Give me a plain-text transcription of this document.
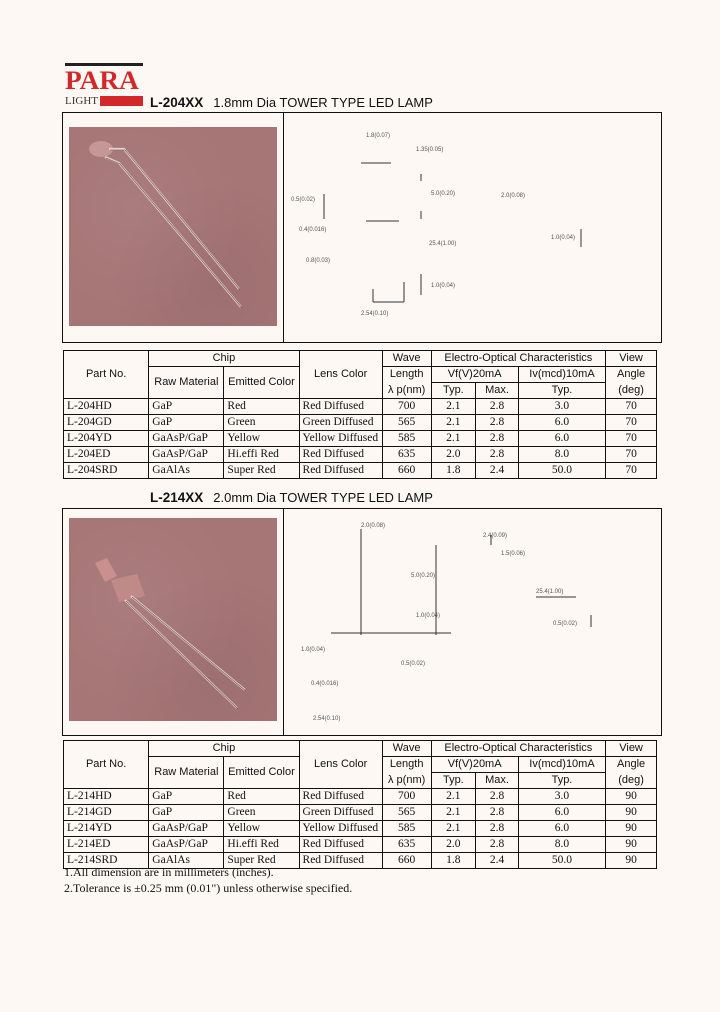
PARA
LIGHT	L-204XX 1.8mm Dia TOWER TYPE LED LAMP
1.8(0.07)
1.35(0.05)
5.0(0.20)
0.5(0.02)
0.4(0.016)
0.8(0.03)
25.4(1.00)
1.0(0.04)
2.54(0.10)
2.0(0.08)
1.0(0.04)
Part No.	Chip		Lens Color	Wave	Electro-Optical Characteristics			View
	Raw Material	Emitted Color		Length	Vf(V)20mA		Iv(mcd)10mA	Angle
				λ p(nm)	Typ.	Max.	Typ.	(deg)
L-204HD	GaP	Red	Red Diffused	700	2.1	2.8	3.0	70
L-204GD	GaP	Green	Green Diffused	565	2.1	2.8	6.0	70
L-204YD	GaAsP/GaP	Yellow	Yellow Diffused	585	2.1	2.8	6.0	70
L-204ED	GaAsP/GaP	Hi.effi Red	Red Diffused	635	2.0	2.8	8.0	70
L-204SRD	GaAlAs	Super Red	Red Diffused	660	1.8	2.4	50.0	70
L-214XX 2.0mm Dia TOWER TYPE LED LAMP
2.0(0.08)
2.4(0.09)
1.5(0.06)
5.0(0.20)
1.0(0.04)
25.4(1.00)
0.5(0.02)
1.0(0.04)
0.4(0.016)
2.54(0.10)
0.5(0.02)
Part No.	Chip		Lens Color	Wave	Electro-Optical Characteristics			View
	Raw Material	Emitted Color		Length	Vf(V)20mA		Iv(mcd)10mA	Angle
				λ p(nm)	Typ.	Max.	Typ.	(deg)
L-214HD	GaP	Red	Red Diffused	700	2.1	2.8	3.0	90
L-214GD	GaP	Green	Green Diffused	565	2.1	2.8	6.0	90
L-214YD	GaAsP/GaP	Yellow	Yellow Diffused	585	2.1	2.8	6.0	90
L-214ED	GaAsP/GaP	Hi.effi Red	Red Diffused	635	2.0	2.8	8.0	90
L-214SRD	GaAlAs	Super Red	Red Diffused	660	1.8	2.4	50.0	90
1.All dimension are in millimeters (inches).
2.Tolerance is ±0.25 mm (0.01") unless otherwise specified.
